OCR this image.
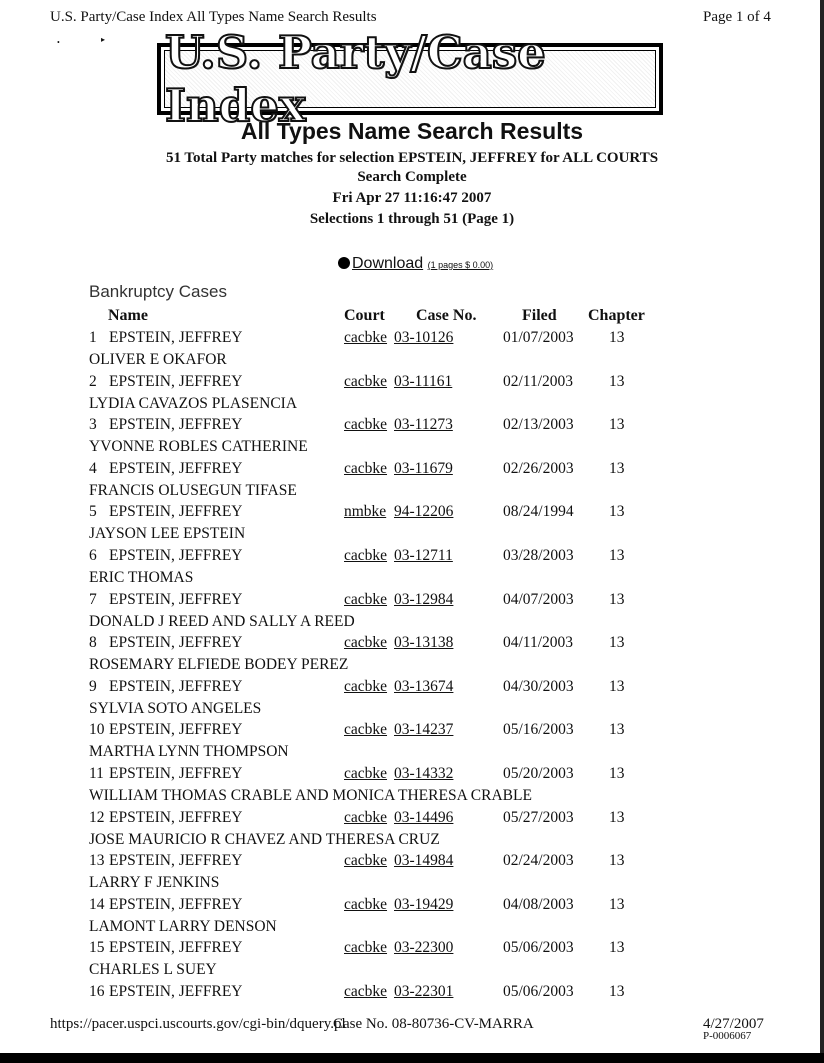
U.S. Party/Case Index All Types Name Search Results	Page 1 of 4
•	▸ U.S. Party/Case Index
All Types Name Search Results
51 Total Party matches for selection EPSTEIN, JEFFREY for ALL COURTS
Search Complete
Fri Apr 27 11:16:47 2007
Selections 1 through 51 (Page 1)
Download (1 pages $ 0.00)
Bankruptcy Cases
Name	Court Case No.	Filed Chapter
1 EPSTEIN, JEFFREY	cacbke 03-10126	01/07/2003 13
OLIVER E OKAFOR
2 EPSTEIN, JEFFREY	cacbke 03-11161	02/11/2003 13
LYDIA CAVAZOS PLASENCIA
3 EPSTEIN, JEFFREY	cacbke 03-11273	02/13/2003 13
YVONNE ROBLES CATHERINE
4 EPSTEIN, JEFFREY	cacbke 03-11679	02/26/2003 13
FRANCIS OLUSEGUN TIFASE
5 EPSTEIN, JEFFREY	nmbke 94-12206	08/24/1994 13
JAYSON LEE EPSTEIN
6 EPSTEIN, JEFFREY	cacbke 03-12711	03/28/2003 13
ERIC THOMAS
7 EPSTEIN, JEFFREY	cacbke 03-12984	04/07/2003 13
DONALD J REED AND SALLY A REED
8 EPSTEIN, JEFFREY	cacbke 03-13138	04/11/2003 13
ROSEMARY ELFIEDE BODEY PEREZ
9 EPSTEIN, JEFFREY	cacbke 03-13674	04/30/2003 13
SYLVIA SOTO ANGELES
10 EPSTEIN, JEFFREY	cacbke 03-14237	05/16/2003 13
MARTHA LYNN THOMPSON
11 EPSTEIN, JEFFREY	cacbke 03-14332	05/20/2003 13
WILLIAM THOMAS CRABLE AND MONICA THERESA CRABLE
12 EPSTEIN, JEFFREY	cacbke 03-14496	05/27/2003 13
JOSE MAURICIO R CHAVEZ AND THERESA CRUZ
13 EPSTEIN, JEFFREY	cacbke 03-14984	02/24/2003 13
LARRY F JENKINS
14 EPSTEIN, JEFFREY	cacbke 03-19429	04/08/2003 13
LAMONT LARRY DENSON
15 EPSTEIN, JEFFREY	cacbke 03-22300	05/06/2003 13
CHARLES L SUEY
16 EPSTEIN, JEFFREY	cacbke 03-22301	05/06/2003 13
https://pacer.uspci.uscourts.gov/cgi-bin/dquery.pl
Case No. 08-80736-CV-MARRA	4/27/2007
P-0006067
